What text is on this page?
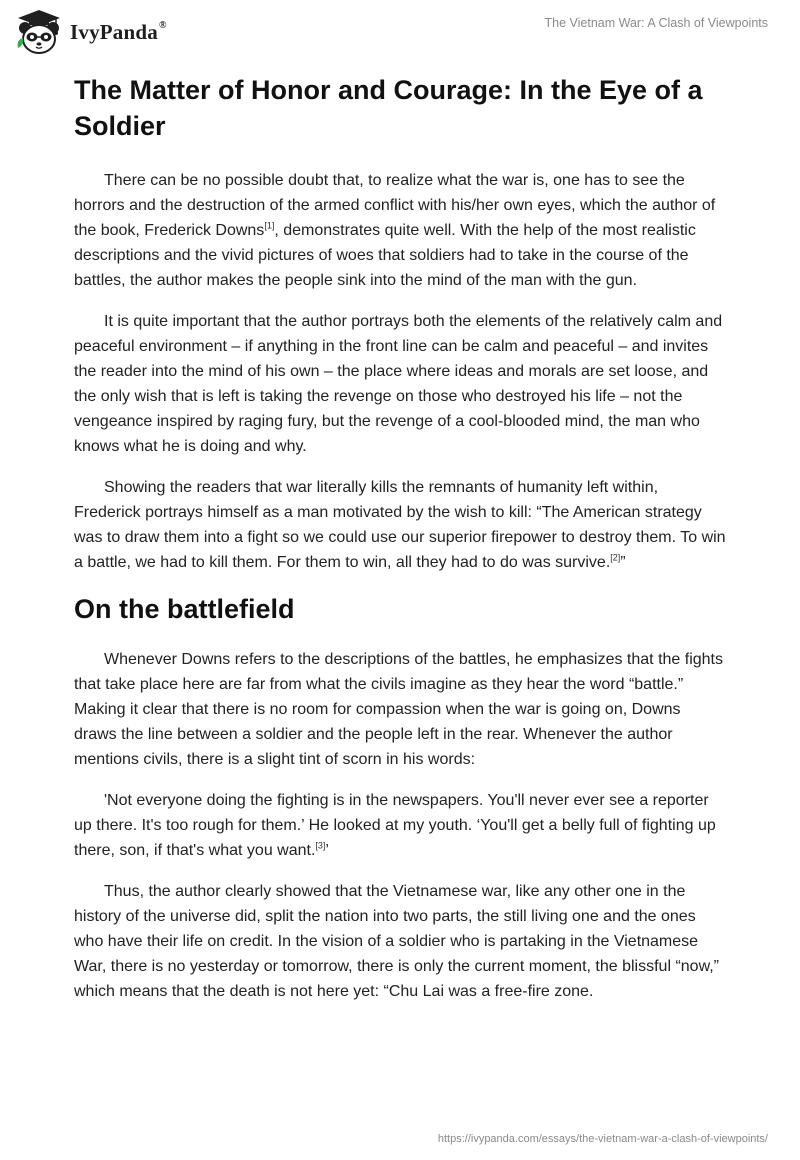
IvyPanda®	The Vietnam War: A Clash of Viewpoints
The Matter of Honor and Courage: In the Eye of a Soldier

There can be no possible doubt that, to realize what the war is, one has to see the horrors and the destruction of the armed conflict with his/her own eyes, which the author of the book, Frederick Downs[1], demonstrates quite well. With the help of the most realistic descriptions and the vivid pictures of woes that soldiers had to take in the course of the battles, the author makes the people sink into the mind of the man with the gun.

It is quite important that the author portrays both the elements of the relatively calm and peaceful environment – if anything in the front line can be calm and peaceful – and invites the reader into the mind of his own – the place where ideas and morals are set loose, and the only wish that is left is taking the revenge on those who destroyed his life – not the vengeance inspired by raging fury, but the revenge of a cool-blooded mind, the man who knows what he is doing and why.

Showing the readers that war literally kills the remnants of humanity left within, Frederick portrays himself as a man motivated by the wish to kill: “The American strategy was to draw them into a fight so we could use our superior firepower to destroy them. To win a battle, we had to kill them. For them to win, all they had to do was survive.[2]”

On the battlefield

Whenever Downs refers to the descriptions of the battles, he emphasizes that the fights that take place here are far from what the civils imagine as they hear the word “battle.” Making it clear that there is no room for compassion when the war is going on, Downs draws the line between a soldier and the people left in the rear. Whenever the author mentions civils, there is a slight tint of scorn in his words:

'Not everyone doing the fighting is in the newspapers. You'll never ever see a reporter up there. It's too rough for them.’ He looked at my youth. ‘You'll get a belly full of fighting up there, son, if that's what you want.[3]’

Thus, the author clearly showed that the Vietnamese war, like any other one in the history of the universe did, split the nation into two parts, the still living one and the ones who have their life on credit. In the vision of a soldier who is partaking in the Vietnamese War, there is no yesterday or tomorrow, there is only the current moment, the blissful “now,” which means that the death is not here yet: “Chu Lai was a free-fire zone.

https://ivypanda.com/essays/the-vietnam-war-a-clash-of-viewpoints/
